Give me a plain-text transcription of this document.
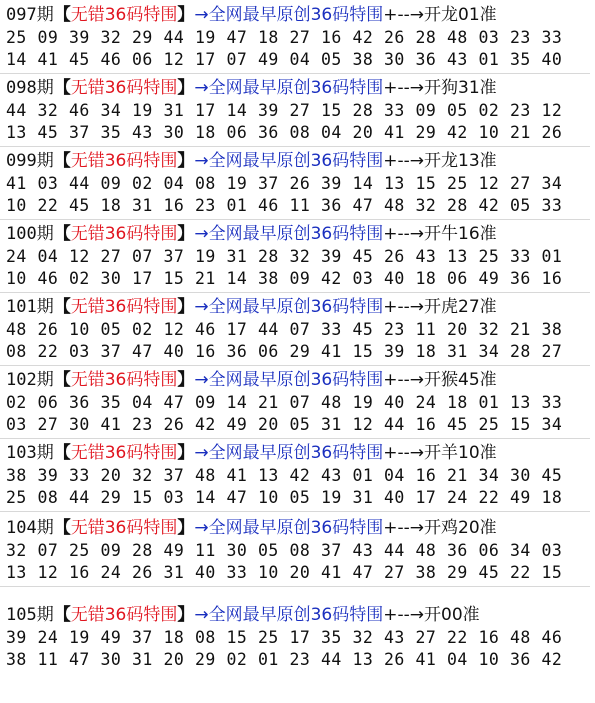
097期【无错36码特围】→全网最早原创36码特围+--→开龙01准
25 09 39 32 29 44 19 47 18 27 16 42 26 28 48 03 23 33
14 41 45 46 06 12 17 07 49 04 05 38 30 36 43 01 35 40
098期【无错36码特围】→全网最早原创36码特围+--→开狗31准
44 32 46 34 19 31 17 14 39 27 15 28 33 09 05 02 23 12
13 45 37 35 43 30 18 06 36 08 04 20 41 29 42 10 21 26
099期【无错36码特围】→全网最早原创36码特围+--→开龙13准
41 03 44 09 02 04 08 19 37 26 39 14 13 15 25 12 27 34
10 22 45 18 31 16 23 01 46 11 36 47 48 32 28 42 05 33
100期【无错36码特围】→全网最早原创36码特围+--→开牛16准
24 04 12 27 07 37 19 31 28 32 39 45 26 43 13 25 33 01
10 46 02 30 17 15 21 14 38 09 42 03 40 18 06 49 36 16
101期【无错36码特围】→全网最早原创36码特围+--→开虎27准
48 26 10 05 02 12 46 17 44 07 33 45 23 11 20 32 21 38
08 22 03 37 47 40 16 36 06 29 41 15 39 18 31 34 28 27
102期【无错36码特围】→全网最早原创36码特围+--→开猴45准
02 06 36 35 04 47 09 14 21 07 48 19 40 24 18 01 13 33
03 27 30 41 23 26 42 49 20 05 31 12 44 16 45 25 15 34
103期【无错36码特围】→全网最早原创36码特围+--→开羊10准
38 39 33 20 32 37 48 41 13 42 43 01 04 16 21 34 30 45
25 08 44 29 15 03 14 47 10 05 19 31 40 17 24 22 49 18
104期【无错36码特围】→全网最早原创36码特围+--→开鸡20准
32 07 25 09 28 49 11 30 05 08 37 43 44 48 36 06 34 03
13 12 16 24 26 31 40 33 10 20 41 47 27 38 29 45 22 15
105期【无错36码特围】→全网最早原创36码特围+--→开00准
39 24 19 49 37 18 08 15 25 17 35 32 43 27 22 16 48 46
38 11 47 30 31 20 29 02 01 23 44 13 26 41 04 10 36 42
